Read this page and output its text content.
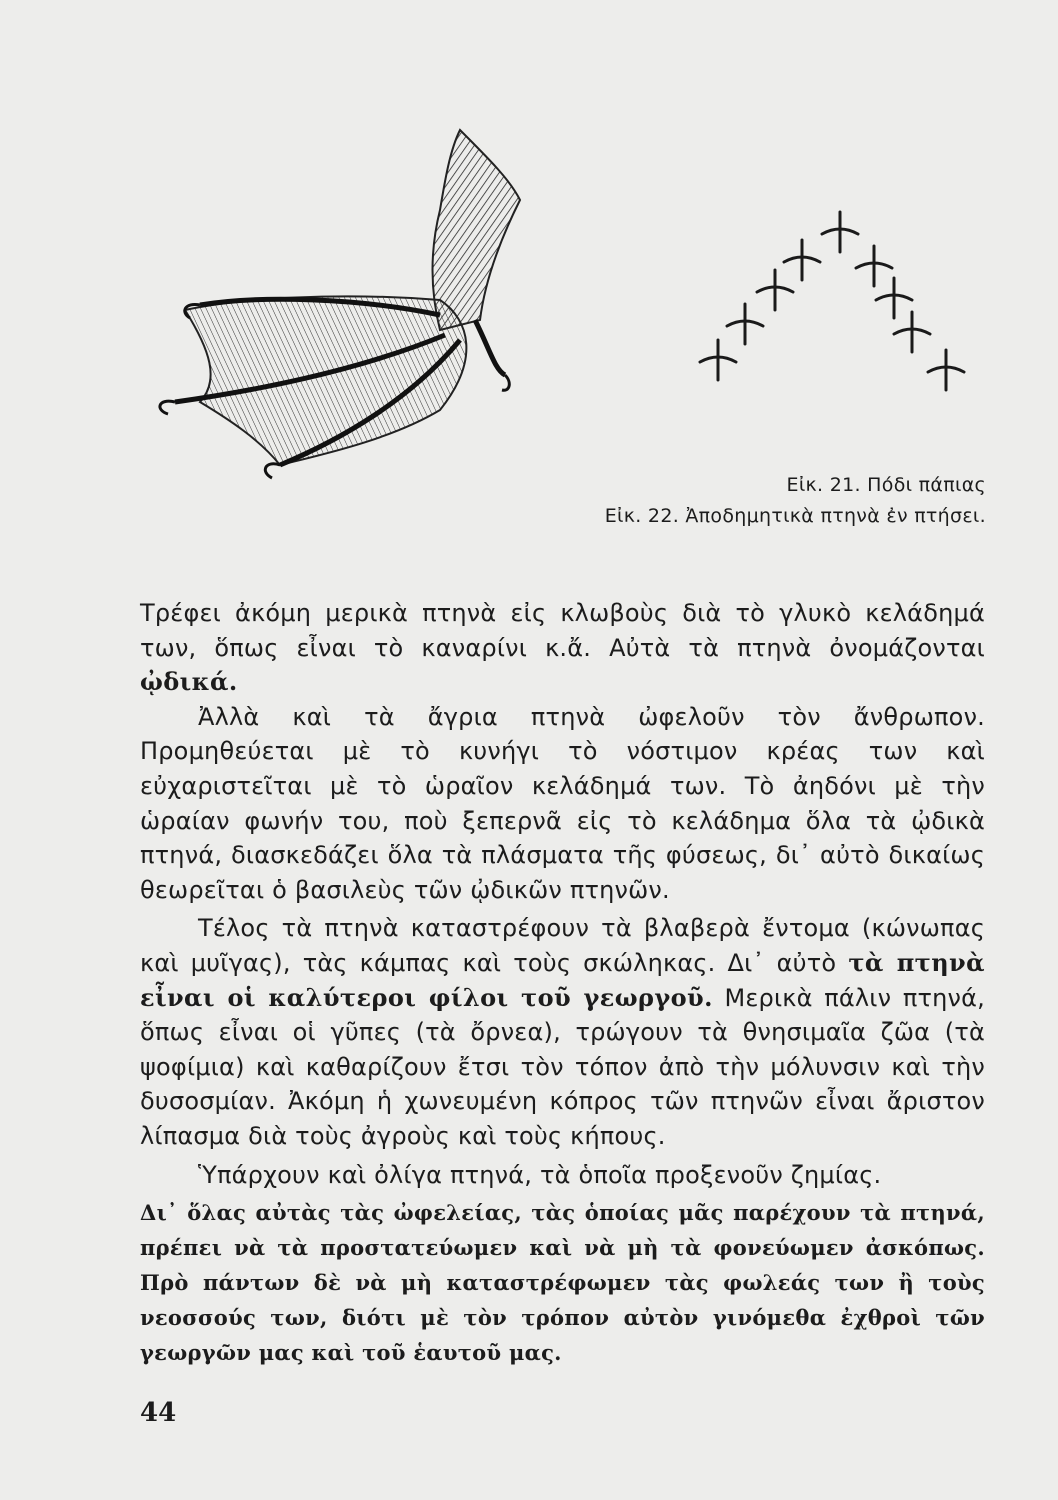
Εἰκ. 21. Πόδι πάπιας
Εἰκ. 22. Ἀποδημητικὰ πτηνὰ ἐν πτήσει.

Τρέφει ἀκόμη μερικὰ πτηνὰ εἰς κλωβοὺς διὰ τὸ γλυκὸ κελάδημά των, ὅπως εἶναι τὸ καναρίνι κ.ἄ. Αὐτὰ τὰ πτηνὰ ὀνομάζονται ᾠδικά.

Ἀλλὰ καὶ τὰ ἄγρια πτηνὰ ὠφελοῦν τὸν ἄνθρωπον. Προμηθεύεται μὲ τὸ κυνήγι τὸ νόστιμον κρέας των καὶ εὐχαριστεῖται μὲ τὸ ὡραῖον κελάδημά των. Τὸ ἀηδόνι μὲ τὴν ὡραίαν φωνήν του, ποὺ ξεπερνᾶ εἰς τὸ κελάδημα ὅλα τὰ ᾠδικὰ πτηνά, διασκεδάζει ὅλα τὰ πλάσματα τῆς φύσεως, δι᾿ αὐτὸ δικαίως θεωρεῖται ὁ βασιλεὺς τῶν ᾠδικῶν πτηνῶν.

Τέλος τὰ πτηνὰ καταστρέφουν τὰ βλαβερὰ ἔντομα (κώνωπας καὶ μυῖγας), τὰς κάμπας καὶ τοὺς σκώληκας. Δι᾿ αὐτὸ τὰ πτηνὰ εἶναι οἱ καλύτεροι φίλοι τοῦ γεωργοῦ. Μερικὰ πάλιν πτηνά, ὅπως εἶναι οἱ γῦπες (τὰ ὄρνεα), τρώγουν τὰ θνησιμαῖα ζῶα (τὰ ψοφίμια) καὶ καθαρίζουν ἔτσι τὸν τόπον ἀπὸ τὴν μόλυνσιν καὶ τὴν δυσοσμίαν. Ἀκόμη ἡ χωνευμένη κόπρος τῶν πτηνῶν εἶναι ἄριστον λίπασμα διὰ τοὺς ἀγροὺς καὶ τοὺς κήπους.

Ὑπάρχουν καὶ ὀλίγα πτηνά, τὰ ὁποῖα προξενοῦν ζημίας.

Δι᾿ ὅλας αὐτὰς τὰς ὠφελείας, τὰς ὁποίας μᾶς παρέχουν τὰ πτηνά, πρέπει νὰ τὰ προστατεύωμεν καὶ νὰ μὴ τὰ φονεύωμεν ἀσκόπως. Πρὸ πάντων δὲ νὰ μὴ καταστρέφωμεν τὰς φωλεάς των ἢ τοὺς νεοσσούς των, διότι μὲ τὸν τρόπον αὐτὸν γινόμεθα ἐχθροὶ τῶν γεωργῶν μας καὶ τοῦ ἑαυτοῦ μας.

44
